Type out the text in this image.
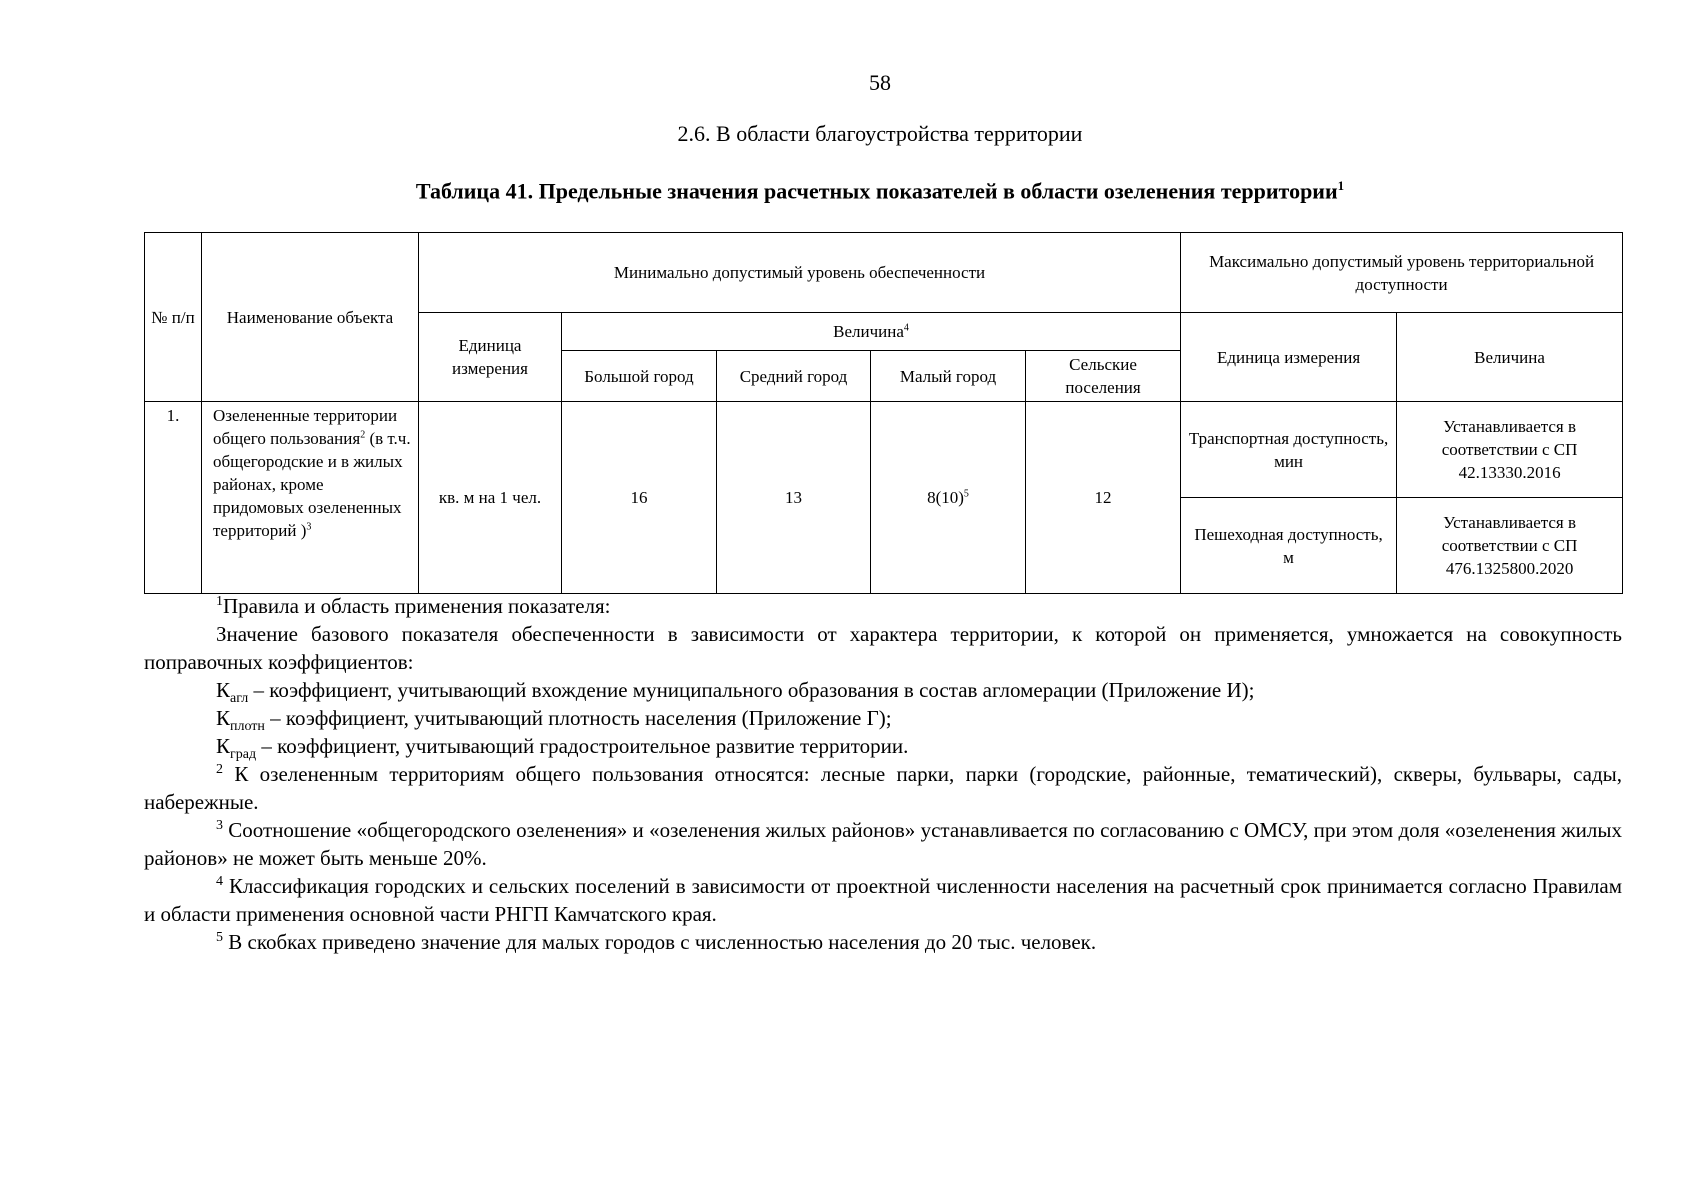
58
2.6. В области благоустройства территории
Таблица 41. Предельные значения расчетных показателей в области озеленения территории$^1$
№ п/п	Наименование объекта	Минимально допустимый уровень обеспеченности					Максимально допустимый уровень территориальной доступности	
		Единица измерения	Величина$^4$				Единица измерения	Величина
			Большой город	Средний город	Малый город	Сельские поселения		
1.	Озелененные территории общего пользования$^2$ (в т.ч. общегородские и в жилых районах, кроме придомовых озелененных территорий )$^3$	кв. м на 1 чел.	16	13	$8(10)^5$	12	Транспортная доступность, мин	Устанавливается в соответствии с СП 42.13330.2016
							Пешеходная доступность, м	Устанавливается в соответствии с СП 476.1325800.2020

$^1$Правила и область применения показателя:

Значение базового показателя обеспеченности в зависимости от характера территории, к которой он применяется, умножается на совокупность поправочных коэффициентов:

$К_{агл}$ – коэффициент, учитывающий вхождение муниципального образования в состав агломерации (Приложение И);

$К_{плотн}$ – коэффициент, учитывающий плотность населения (Приложение Г);

$К_{град}$ – коэффициент, учитывающий градостроительное развитие территории.

$^2$ К озелененным территориям общего пользования относятся: лесные парки, парки (городские, районные, тематический), скверы, бульвары, сады, набережные.

$^3$ Соотношение «общегородского озеленения» и «озеленения жилых районов» устанавливается по согласованию с ОМСУ, при этом доля «озеленения жилых районов» не может быть меньше 20%.

$^4$ Классификация городских и сельских поселений в зависимости от проектной численности населения на расчетный срок принимается согласно Правилам и области применения основной части РНГП Камчатского края.

$^5$ В скобках приведено значение для малых городов с численностью населения до 20 тыс. человек.
